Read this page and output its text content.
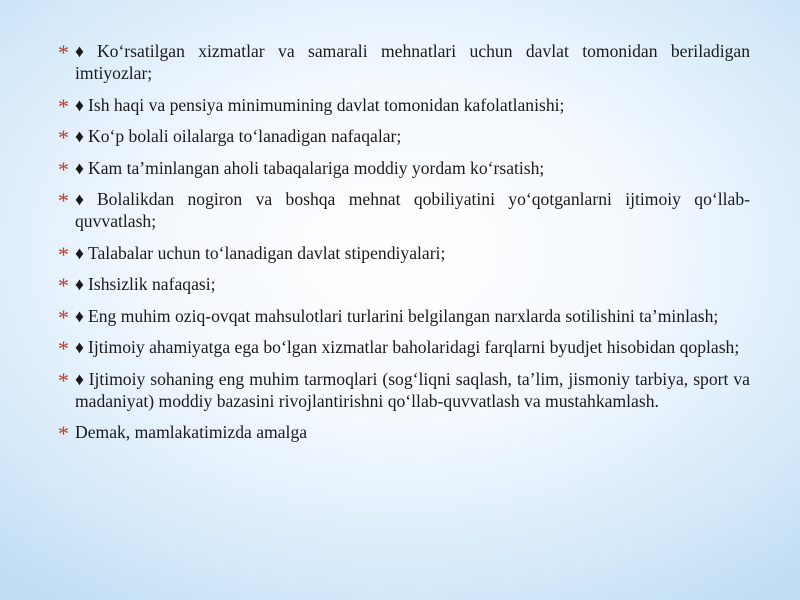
* ♦ Ko‘rsatilgan xizmatlar va samarali mehnatlari uchun davlat tomonidan beriladigan imtiyozlar;
* ♦ Ish haqi va pensiya minimumining davlat tomonidan kafolatlanishi;
* ♦ Ko‘p bolali oilalarga to‘lanadigan nafaqalar;
* ♦ Kam ta’minlangan aholi tabaqalariga moddiy yordam ko‘rsatish;
* ♦ Bolalikdan nogiron va boshqa mehnat qobiliyatini yo‘qotganlarni ijtimoiy qo‘llab-quvvatlash;
* ♦ Talabalar uchun to‘lanadigan davlat stipendiyalari;
* ♦ Ishsizlik nafaqasi;
* ♦ Eng muhim oziq-ovqat mahsulotlari turlarini belgilangan narxlarda sotilishini ta’minlash;
* ♦ Ijtimoiy ahamiyatga ega bo‘lgan xizmatlar baholaridagi farqlarni byudjet hisobidan qoplash;
* ♦ Ijtimoiy sohaning eng muhim tarmoqlari (sog‘liqni saqlash, ta’lim, jismoniy tarbiya, sport va madaniyat) moddiy bazasini rivojlantirishni qo‘llab-quvvatlash va mustahkamlash.
* Demak, mamlakatimizda amalga
